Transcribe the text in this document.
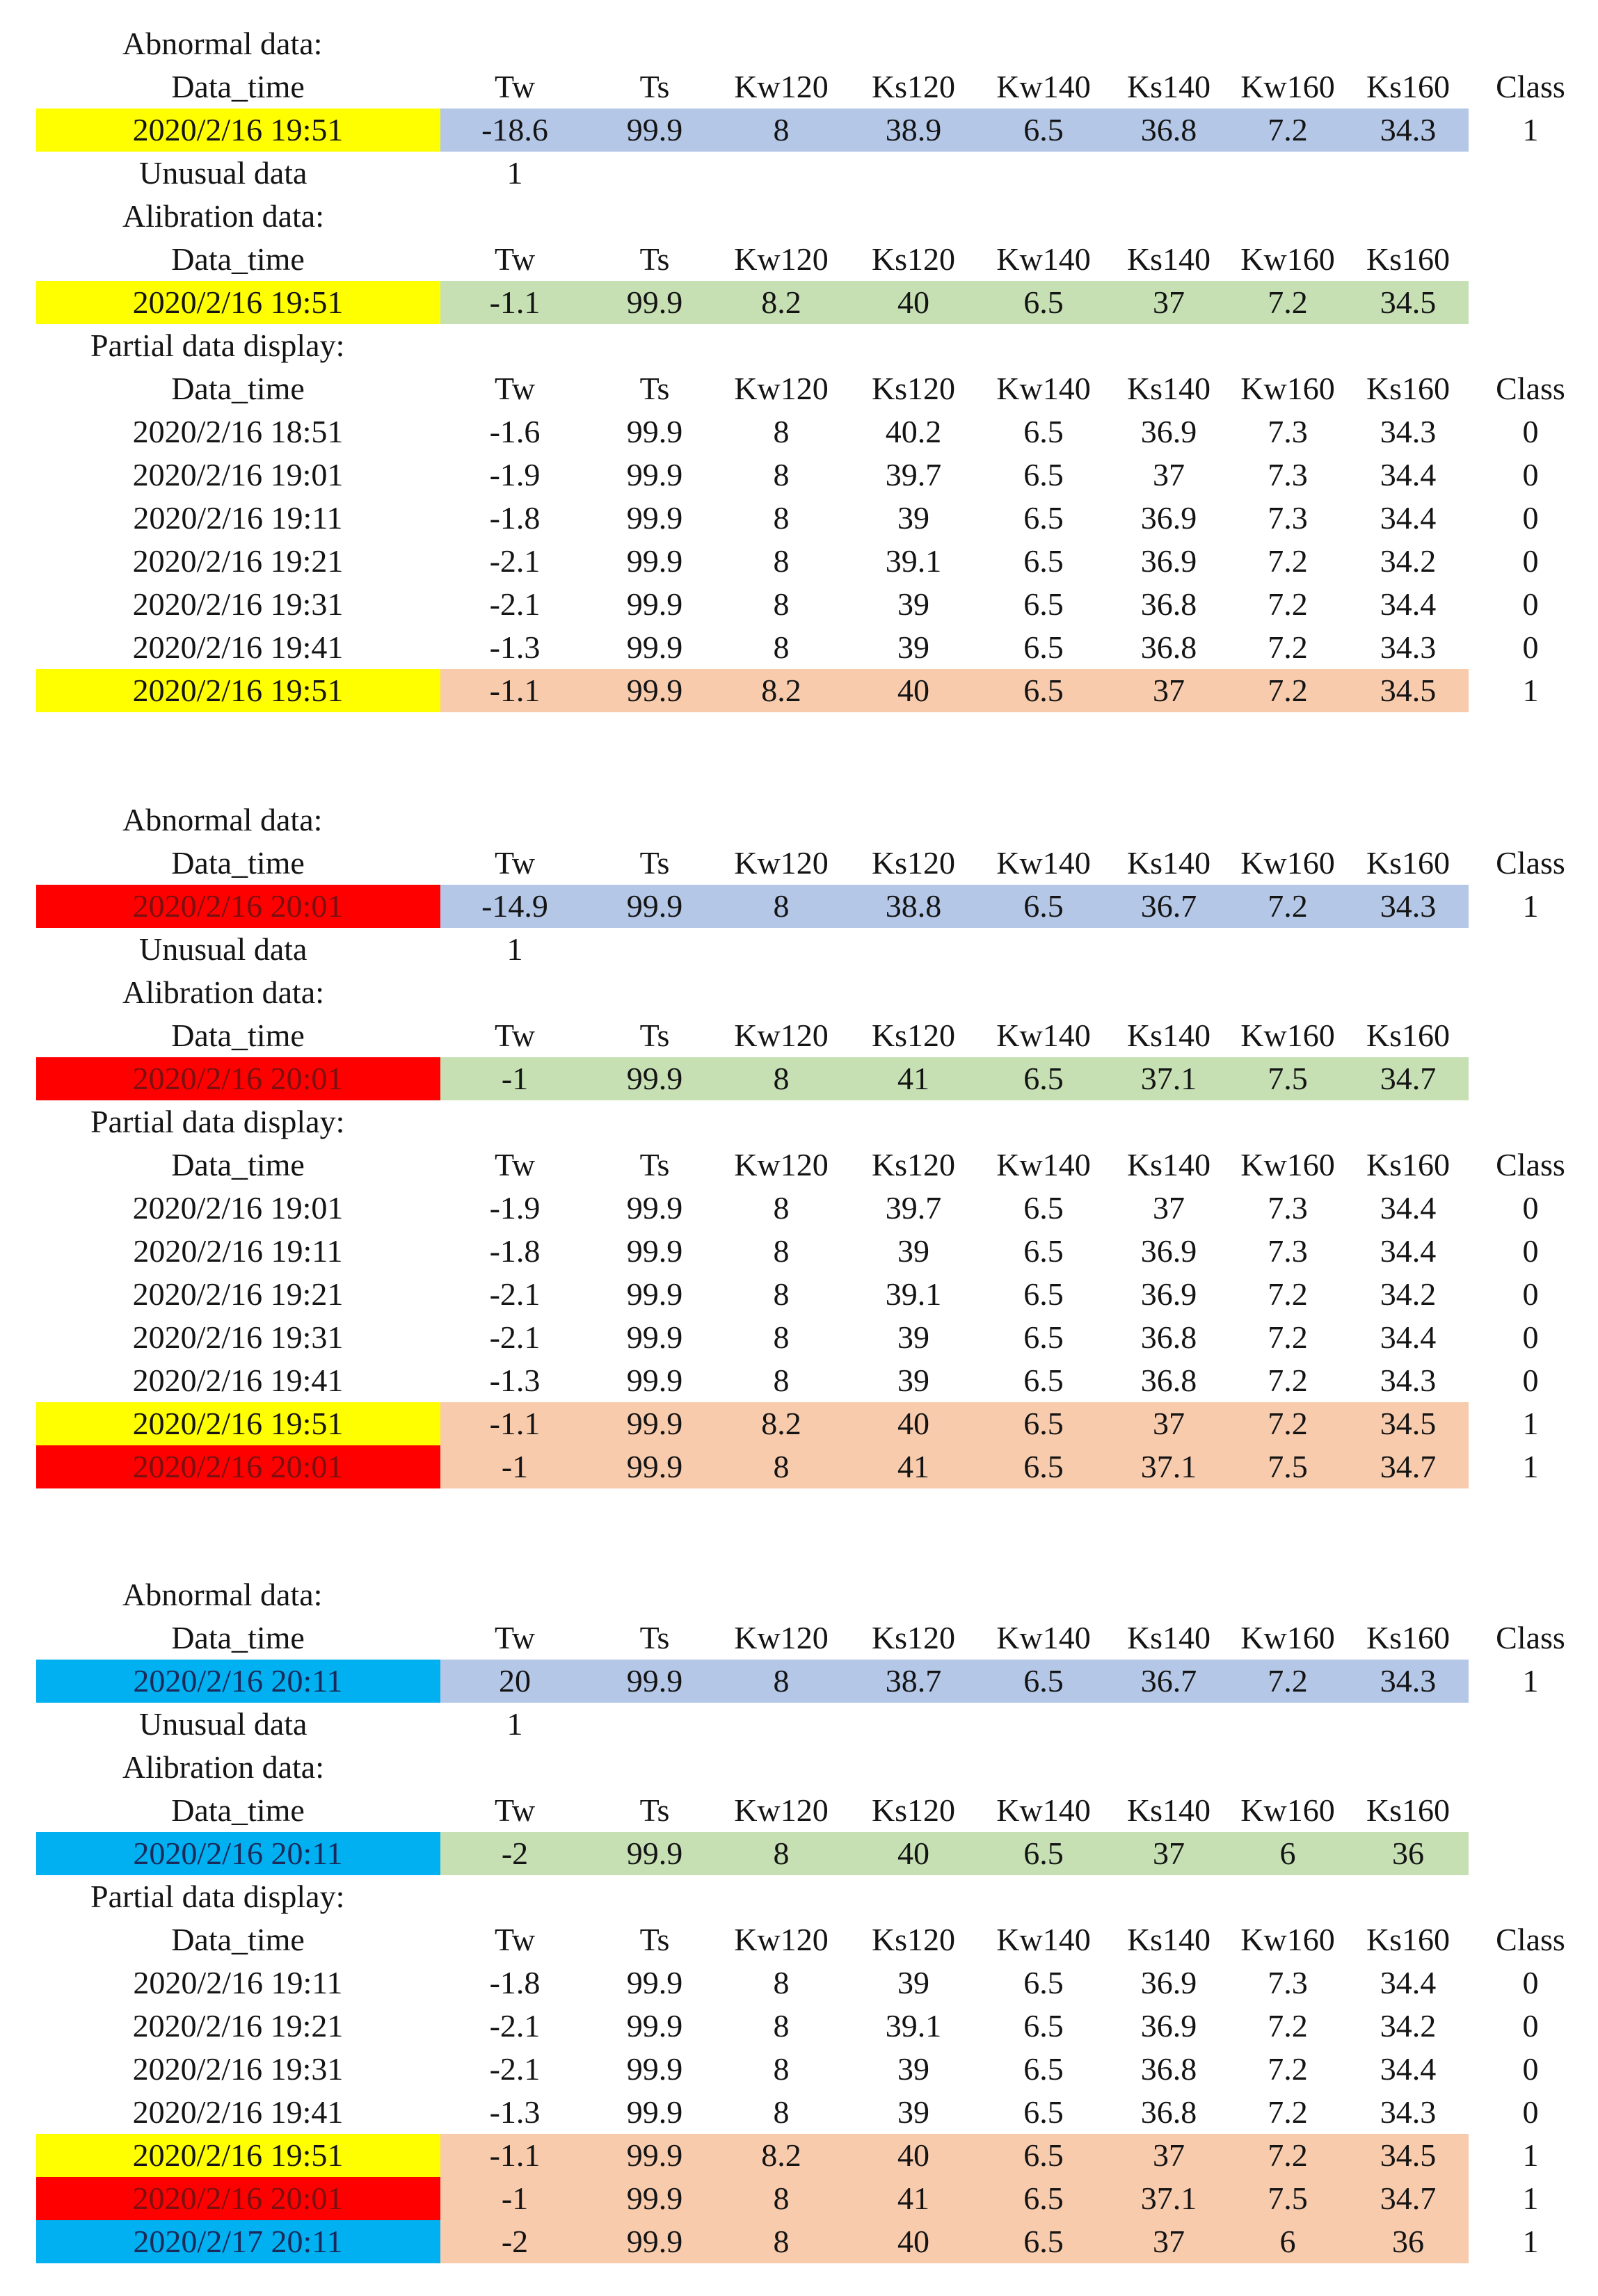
Abnormal data:
Data_time	Tw	Ts	Kw120	Ks120	Kw140	Ks140 Kw160 Ks160	Class
2020/2/16 19:51	-18.6	99.9	8	38.9	6.5	36.8	7.2	34.3	1
Unusual data	1
Alibration data:
Data_time	Tw	Ts	Kw120	Ks120	Kw140	Ks140 Kw160 Ks160
2020/2/16 19:51	-1.1	99.9	8.2	40	6.5	37	7.2	34.5
Partial data display:
Data_time	Tw	Ts	Kw120	Ks120	Kw140	Ks140 Kw160 Ks160	Class
2020/2/16 18:51	-1.6	99.9	8	40.2	6.5	36.9	7.3	34.3	0
2020/2/16 19:01	-1.9	99.9	8	39.7	6.5	37	7.3	34.4	0
2020/2/16 19:11	-1.8	99.9	8	39	6.5	36.9	7.3	34.4	0
2020/2/16 19:21	-2.1	99.9	8	39.1	6.5	36.9	7.2	34.2	0
2020/2/16 19:31	-2.1	99.9	8	39	6.5	36.8	7.2	34.4	0
2020/2/16 19:41	-1.3	99.9	8	39	6.5	36.8	7.2	34.3	0
2020/2/16 19:51	-1.1	99.9	8.2	40	6.5	37	7.2	34.5	1
Abnormal data:
Data_time	Tw	Ts	Kw120	Ks120	Kw140	Ks140 Kw160 Ks160	Class
2020/2/16 20:01	-14.9	99.9	8	38.8	6.5	36.7	7.2	34.3	1
Unusual data	1
Alibration data:
Data_time	Tw	Ts	Kw120	Ks120	Kw140	Ks140 Kw160 Ks160
2020/2/16 20:01	-1	99.9	8	41	6.5	37.1	7.5	34.7
Partial data display:
Data_time	Tw	Ts	Kw120	Ks120	Kw140	Ks140 Kw160 Ks160	Class
2020/2/16 19:01	-1.9	99.9	8	39.7	6.5	37	7.3	34.4	0
2020/2/16 19:11	-1.8	99.9	8	39	6.5	36.9	7.3	34.4	0
2020/2/16 19:21	-2.1	99.9	8	39.1	6.5	36.9	7.2	34.2	0
2020/2/16 19:31	-2.1	99.9	8	39	6.5	36.8	7.2	34.4	0
2020/2/16 19:41	-1.3	99.9	8	39	6.5	36.8	7.2	34.3	0
2020/2/16 19:51	-1.1	99.9	8.2	40	6.5	37	7.2	34.5	1
2020/2/16 20:01	-1	99.9	8	41	6.5	37.1	7.5	34.7	1
Abnormal data:
Data_time	Tw	Ts	Kw120	Ks120	Kw140	Ks140 Kw160 Ks160	Class
2020/2/16 20:11	20	99.9	8	38.7	6.5	36.7	7.2	34.3	1
Unusual data	1
Alibration data:
Data_time	Tw	Ts	Kw120	Ks120	Kw140	Ks140 Kw160 Ks160
2020/2/16 20:11	-2	99.9	8	40	6.5	37	6	36
Partial data display:
Data_time	Tw	Ts	Kw120	Ks120	Kw140	Ks140 Kw160 Ks160	Class
2020/2/16 19:11	-1.8	99.9	8	39	6.5	36.9	7.3	34.4	0
2020/2/16 19:21	-2.1	99.9	8	39.1	6.5	36.9	7.2	34.2	0
2020/2/16 19:31	-2.1	99.9	8	39	6.5	36.8	7.2	34.4	0
2020/2/16 19:41	-1.3	99.9	8	39	6.5	36.8	7.2	34.3	0
2020/2/16 19:51	-1.1	99.9	8.2	40	6.5	37	7.2	34.5	1
2020/2/16 20:01	-1	99.9	8	41	6.5	37.1	7.5	34.7	1
2020/2/17 20:11	-2	99.9	8	40	6.5	37	6	36	1
